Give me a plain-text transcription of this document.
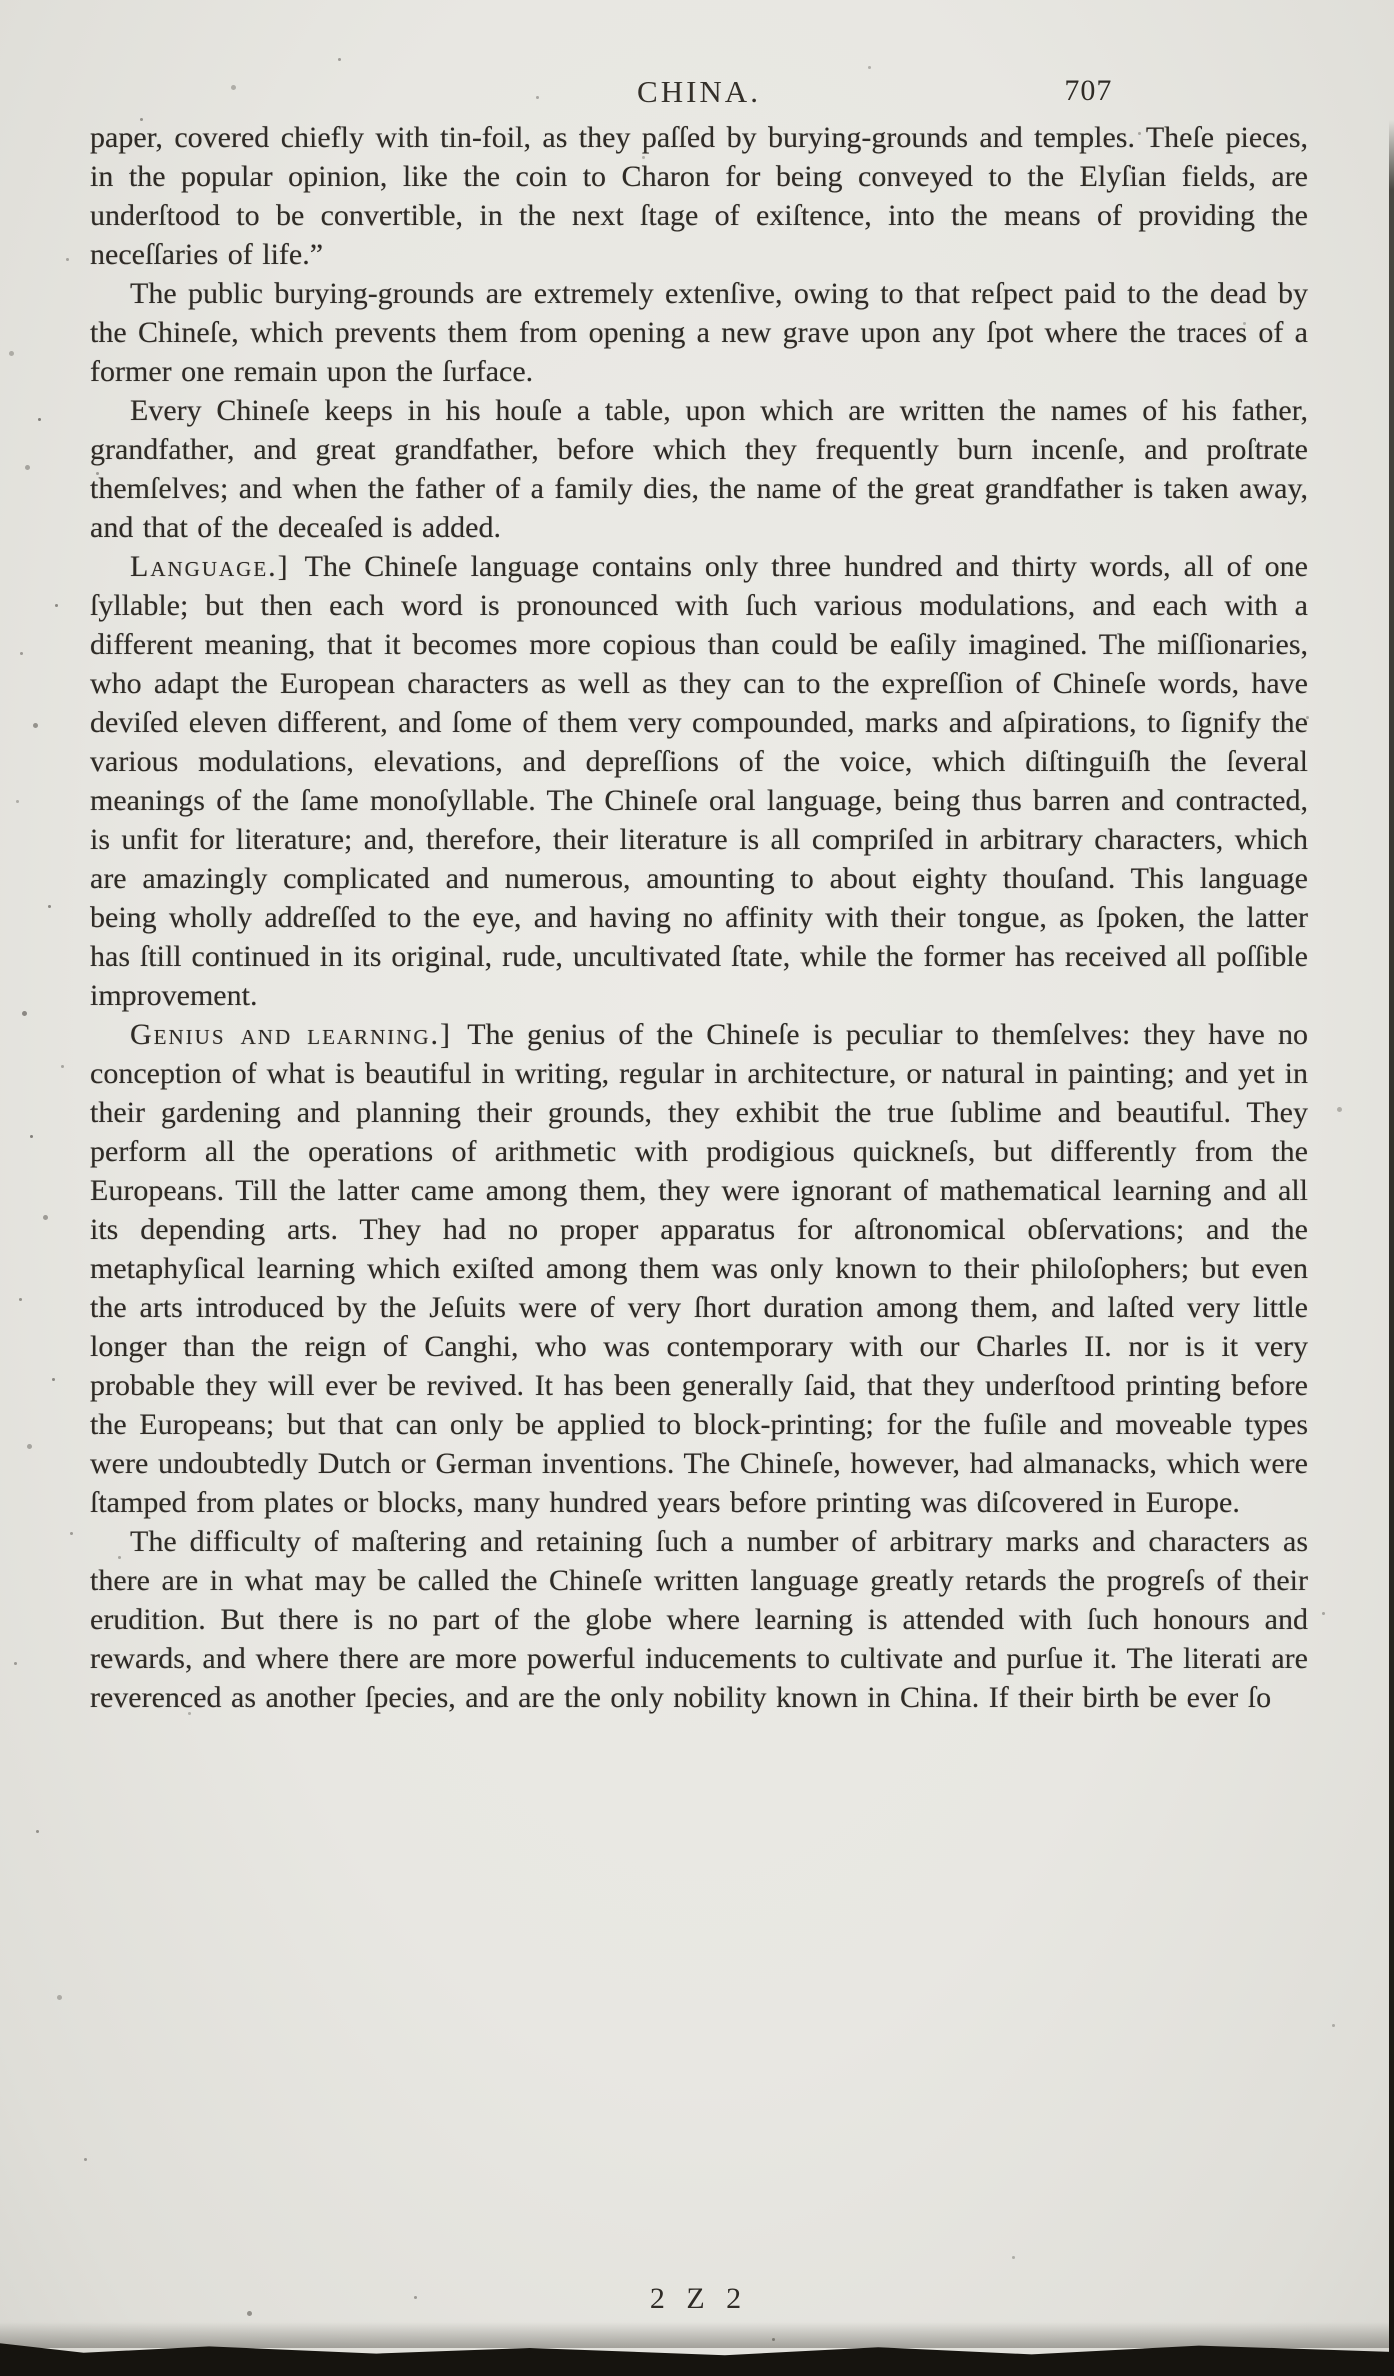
CHINA.	707

paper, covered chiefly with tin-foil, as they paſſed by burying-grounds and temples. Theſe pieces, in the popular opinion, like the coin to Charon for being conveyed to the Elyſian fields, are underſtood to be convertible, in the next ſtage of exiſtence, into the means of providing the neceſſaries of life.”

The public burying-grounds are extremely extenſive, owing to that reſpect paid to the dead by the Chineſe, which prevents them from opening a new grave upon any ſpot where the traces of a former one remain upon the ſurface.

Every Chineſe keeps in his houſe a table, upon which are written the names of his father, grandfather, and great grandfather, before which they frequently burn incenſe, and proſtrate themſelves; and when the father of a family dies, the name of the great grandfather is taken away, and that of the deceaſed is added.

Language.] The Chineſe language contains only three hundred and thirty words, all of one ſyllable; but then each word is pronounced with ſuch various modulations, and each with a different meaning, that it becomes more copious than could be eaſily imagined. The miſſionaries, who adapt the European characters as well as they can to the expreſſion of Chineſe words, have deviſed eleven different, and ſome of them very compounded, marks and aſpirations, to ſignify the various modulations, elevations, and depreſſions of the voice, which diſtinguiſh the ſeveral meanings of the ſame monoſyllable. The Chineſe oral language, being thus barren and contracted, is unfit for literature; and, therefore, their literature is all compriſed in arbitrary characters, which are amazingly complicated and numerous, amounting to about eighty thouſand. This language being wholly addreſſed to the eye, and having no affinity with their tongue, as ſpoken, the latter has ſtill continued in its original, rude, uncultivated ſtate, while the former has received all poſſible improvement.

Genius and learning.] The genius of the Chineſe is peculiar to themſelves: they have no conception of what is beautiful in writing, regular in architecture, or natural in painting; and yet in their gardening and planning their grounds, they exhibit the true ſublime and beautiful. They perform all the operations of arithmetic with prodigious quickneſs, but differently from the Europeans. Till the latter came among them, they were ignorant of mathematical learning and all its depending arts. They had no proper apparatus for aſtronomical obſervations; and the metaphyſical learning which exiſted among them was only known to their philoſophers; but even the arts introduced by the Jeſuits were of very ſhort duration among them, and laſted very little longer than the reign of Canghi, who was contemporary with our Charles II. nor is it very probable they will ever be revived. It has been generally ſaid, that they underſtood printing before the Europeans; but that can only be applied to block-printing; for the fuſile and moveable types were undoubtedly Dutch or German inventions. The Chineſe, however, had almanacks, which were ſtamped from plates or blocks, many hundred years before printing was diſcovered in Europe.

The difficulty of maſtering and retaining ſuch a number of arbitrary marks and characters as there are in what may be called the Chineſe written language greatly retards the progreſs of their erudition. But there is no part of the globe where learning is attended with ſuch honours and rewards, and where there are more powerful inducements to cultivate and purſue it. The literati are reverenced as another ſpecies, and are the only nobility known in China. If their birth be ever ſo

2 Z 2
